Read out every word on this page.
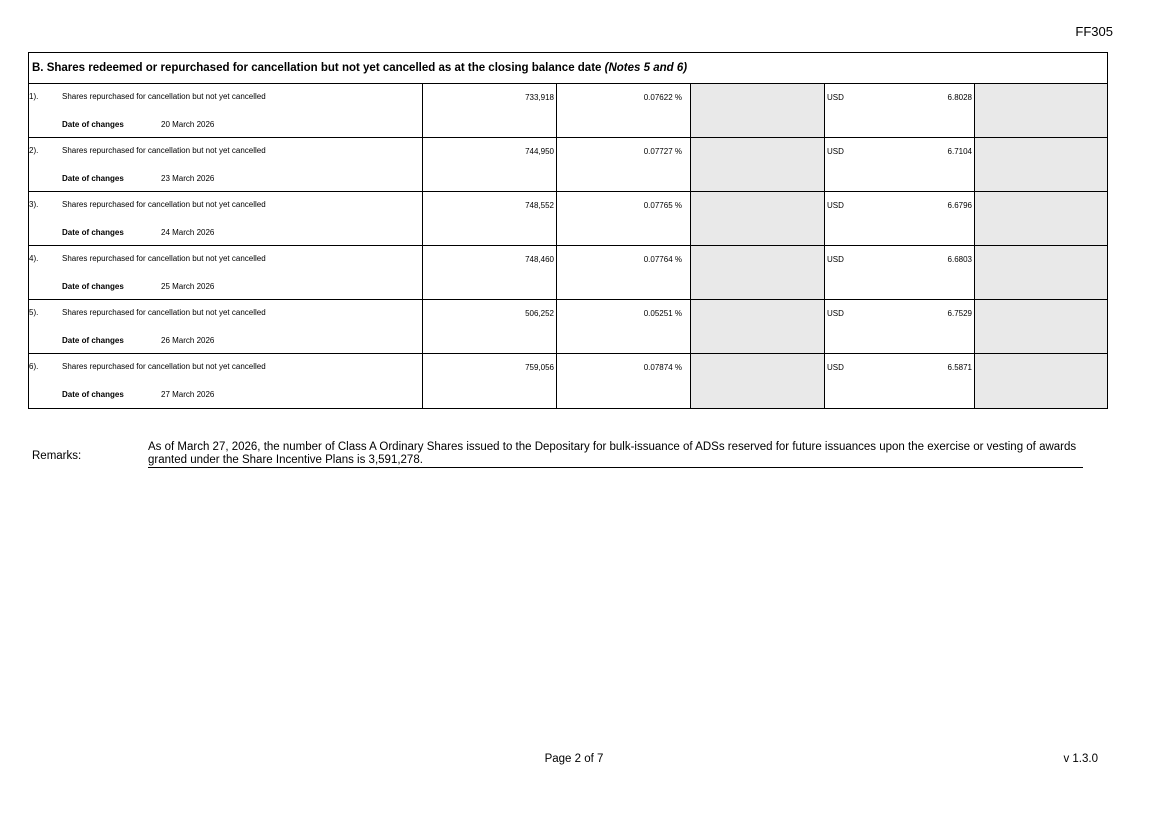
FF305
B. Shares redeemed or repurchased for cancellation but not yet cancelled as at the closing balance date (Notes 5 and 6)
1).	Shares repurchased for cancellation but not yet cancelled
Date of changes	20 March 2026
733,918	0.07622 %	USD	6.8028
2).	Shares repurchased for cancellation but not yet cancelled
Date of changes	23 March 2026
744,950	0.07727 %	USD	6.7104
3).	Shares repurchased for cancellation but not yet cancelled
Date of changes	24 March 2026
748,552	0.07765 %	USD	6.6796
4).	Shares repurchased for cancellation but not yet cancelled
Date of changes	25 March 2026
748,460	0.07764 %	USD	6.6803
5).	Shares repurchased for cancellation but not yet cancelled
Date of changes	26 March 2026
506,252	0.05251 %	USD	6.7529
6).	Shares repurchased for cancellation but not yet cancelled
Date of changes	27 March 2026
759,056	0.07874 %	USD	6.5871
Remarks:
As of March 27, 2026, the number of Class A Ordinary Shares issued to the Depositary for bulk-issuance of ADSs reserved for future issuances upon the exercise or vesting of awards granted under the Share Incentive Plans is 3,591,278.
Page 2 of 7	v 1.3.0
